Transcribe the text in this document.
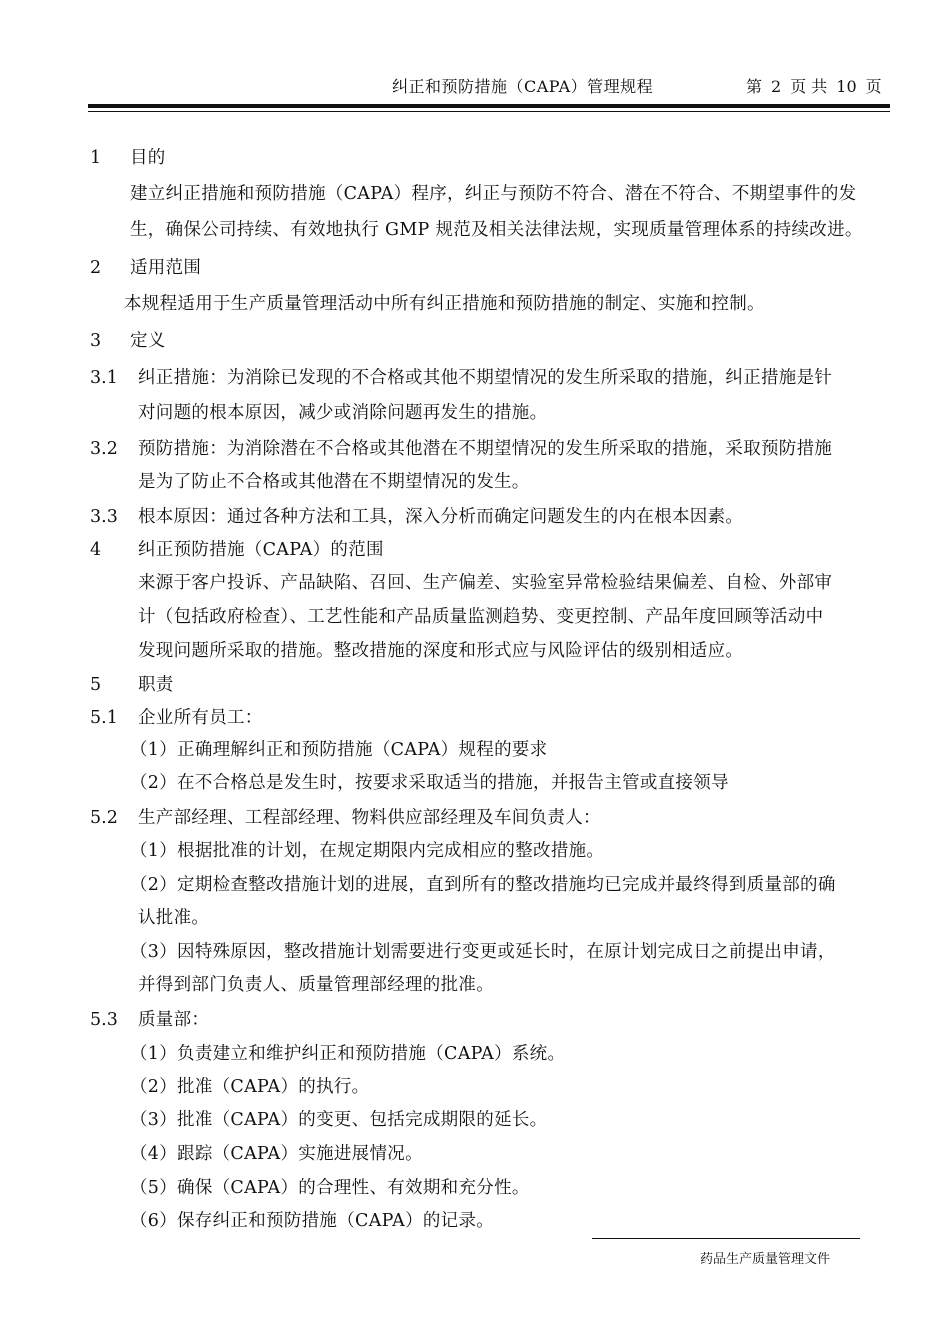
纠正和预防措施（CAPA）管理规程	第 2 页 共 10 页
1 目的
建立纠正措施和预防措施（CAPA）程序，纠正与预防不符合、潜在不符合、不期望事件的发
生，确保公司持续、有效地执行 GMP 规范及相关法律法规，实现质量管理体系的持续改进。
2 适用范围
本规程适用于生产质量管理活动中所有纠正措施和预防措施的制定、实施和控制。
3 定义
3.1 纠正措施：为消除已发现的不合格或其他不期望情况的发生所采取的措施，纠正措施是针
对问题的根本原因，减少或消除问题再发生的措施。
3.2 预防措施：为消除潜在不合格或其他潜在不期望情况的发生所采取的措施，采取预防措施
是为了防止不合格或其他潜在不期望情况的发生。
3.3 根本原因：通过各种方法和工具，深入分析而确定问题发生的内在根本因素。
4 纠正预防措施（CAPA）的范围
来源于客户投诉、产品缺陷、召回、生产偏差、实验室异常检验结果偏差、自检、外部审
计（包括政府检查）、工艺性能和产品质量监测趋势、变更控制、产品年度回顾等活动中
发现问题所采取的措施。整改措施的深度和形式应与风险评估的级别相适应。
5 职责
5.1 企业所有员工：
（1）正确理解纠正和预防措施（CAPA）规程的要求
（2）在不合格总是发生时，按要求采取适当的措施，并报告主管或直接领导
5.2 生产部经理、工程部经理、物料供应部经理及车间负责人：
（1）根据批准的计划，在规定期限内完成相应的整改措施。
（2）定期检查整改措施计划的进展，直到所有的整改措施均已完成并最终得到质量部的确
认批准。
（3）因特殊原因，整改措施计划需要进行变更或延长时，在原计划完成日之前提出申请，
并得到部门负责人、质量管理部经理的批准。
5.3 质量部：
（1）负责建立和维护纠正和预防措施（CAPA）系统。
（2）批准（CAPA）的执行。
（3）批准（CAPA）的变更、包括完成期限的延长。
（4）跟踪（CAPA）实施进展情况。
（5）确保（CAPA）的合理性、有效期和充分性。
（6）保存纠正和预防措施（CAPA）的记录。
药品生产质量管理文件
